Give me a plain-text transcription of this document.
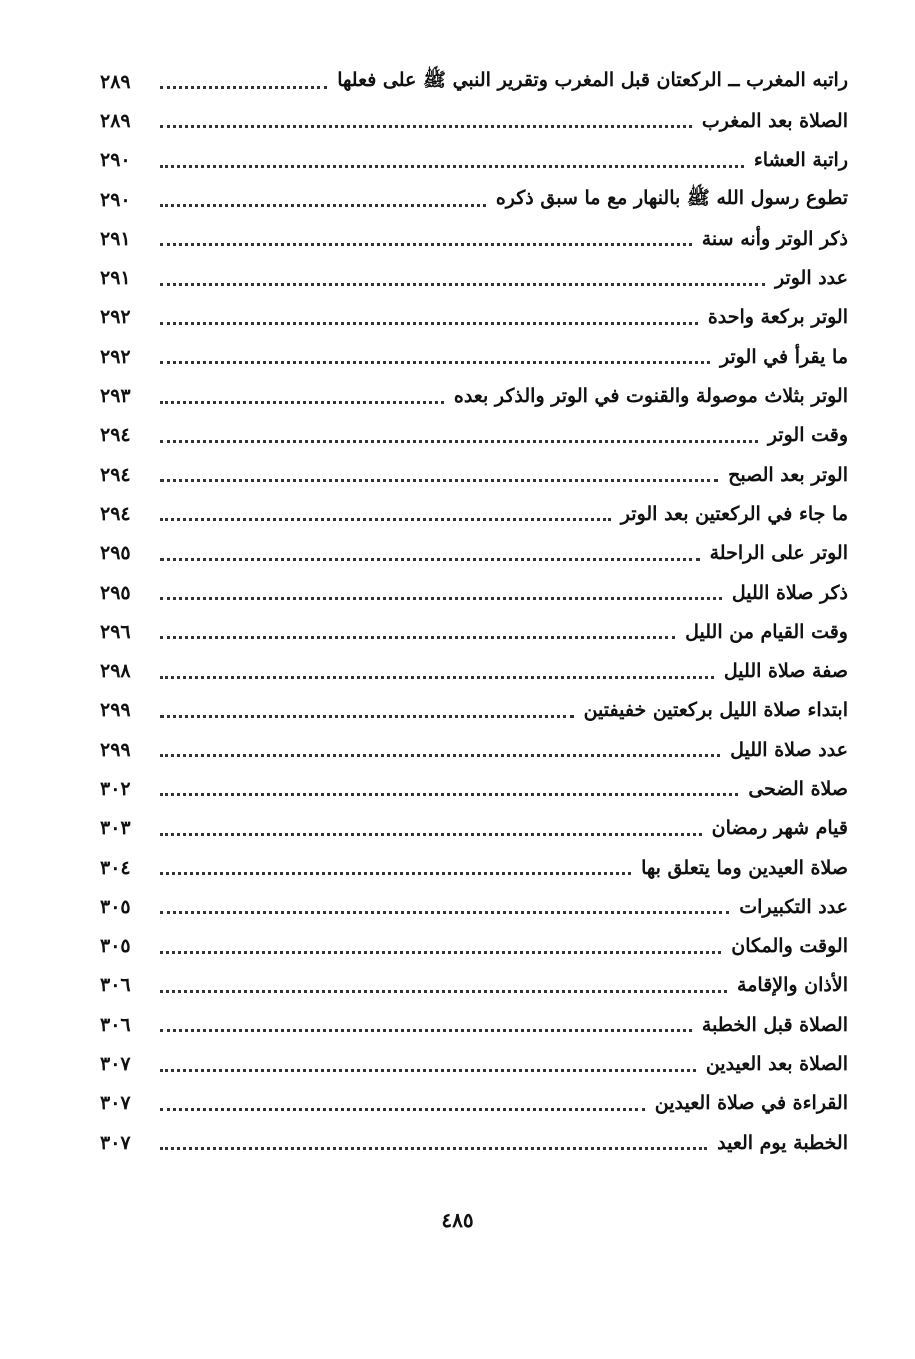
راتبه المغرب ــ الركعتان قبل المغرب وتقرير النبي ﷺ على فعلها
٢٨٩
الصلاة بعد المغرب
٢٨٩
راتبة العشاء
٢٩٠
تطوع رسول الله ﷺ بالنهار مع ما سبق ذكره
٢٩٠
ذكر الوتر وأنه سنة
٢٩١
عدد الوتر
٢٩١
الوتر بركعة واحدة
٢٩٢
ما يقرأ في الوتر
٢٩٢
الوتر بثلاث موصولة والقنوت في الوتر والذكر بعده
٢٩٣
وقت الوتر
٢٩٤
الوتر بعد الصبح
٢٩٤
ما جاء في الركعتين بعد الوتر
٢٩٤
الوتر على الراحلة
٢٩٥
ذكر صلاة الليل
٢٩٥
وقت القيام من الليل
٢٩٦
صفة صلاة الليل
٢٩٨
ابتداء صلاة الليل بركعتين خفيفتين
٢٩٩
عدد صلاة الليل
٢٩٩
صلاة الضحى
٣٠٢
قيام شهر رمضان
٣٠٣
صلاة العيدين وما يتعلق بها
٣٠٤
عدد التكبيرات
٣٠٥
الوقت والمكان
٣٠٥
الأذان والإقامة
٣٠٦
الصلاة قبل الخطبة
٣٠٦
الصلاة بعد العيدين
٣٠٧
القراءة في صلاة العيدين
٣٠٧
الخطبة يوم العيد
٣٠٧
٤٨٥
